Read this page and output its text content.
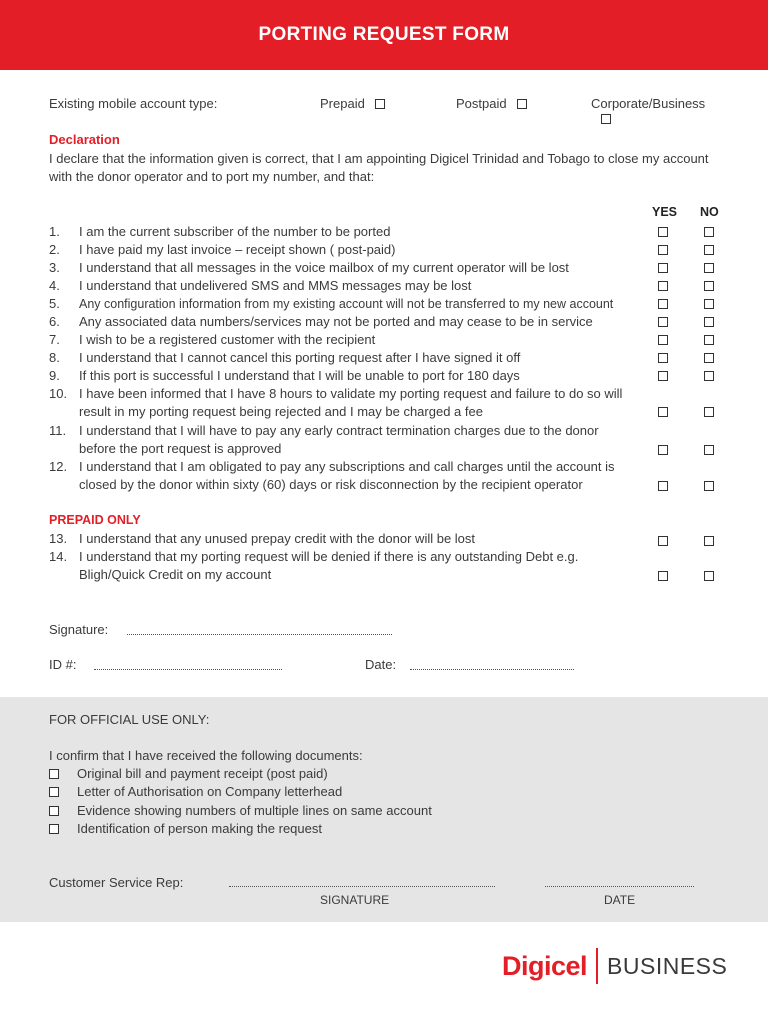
PORTING REQUEST FORM
Existing mobile account type:	Prepaid	Postpaid	Corporate/Business
Declaration
I declare that the information given is correct, that I am appointing Digicel Trinidad and Tobago to close my account with the donor operator and to port my number, and that:
YES NO
1.	I am the current subscriber of the number to be ported
2.	I have paid my last invoice – receipt shown ( post-paid)
3.	I understand that all messages in the voice mailbox of my current operator will be lost
4.	I understand that undelivered SMS and MMS messages may be lost
5.	Any configuration information from my existing account will not be transferred to my new account
6.	Any associated data numbers/services may not be ported and may cease to be in service
7.	I wish to be a registered customer with the recipient
8.	I understand that I cannot cancel this porting request after I have signed it off
9.	If this port is successful I understand that I will be unable to port for 180 days
10. I have been informed that I have 8 hours to validate my porting request and failure to do so will
result in my porting request being rejected and I may be charged a fee
11. I understand that I will have to pay any early contract termination charges due to the donor
before the port request is approved
12. I understand that I am obligated to pay any subscriptions and call charges until the account is
closed by the donor within sixty (60) days or risk disconnection by the recipient operator
PREPAID ONLY
13. I understand that any unused prepay credit with the donor will be lost
14. I understand that my porting request will be denied if there is any outstanding Debt e.g.
Bligh/Quick Credit on my account
Signature:
ID #:	Date:
FOR OFFICIAL USE ONLY:
I confirm that I have received the following documents:
Original bill and payment receipt (post paid)
Letter of Authorisation on Company letterhead
Evidence showing numbers of multiple lines on same account
Identification of person making the request
Customer Service Rep:
SIGNATURE	DATE
Digicel BUSINESS
